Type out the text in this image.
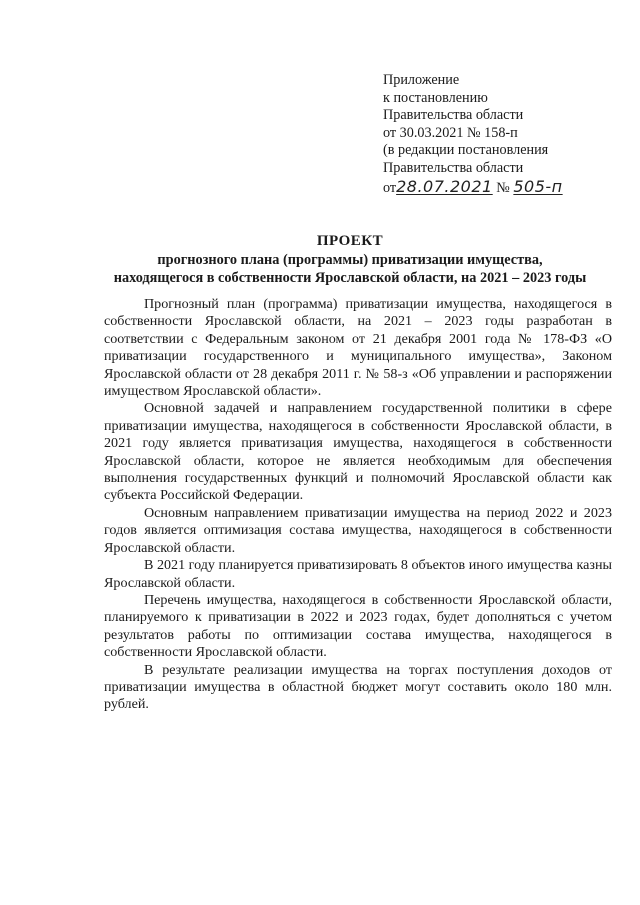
Приложение
к постановлению
Правительства области
от 30.03.2021 № 158-п
(в редакции постановления
Правительства области
от28.07.2021 № 505-п
ПРОЕКТ
прогнозного плана (программы) приватизации имущества,
находящегося в собственности Ярославской области, на 2021 – 2023 годы

Прогнозный план (программа) приватизации имущества, находящегося в собственности Ярославской области, на 2021 – 2023 годы разработан в соответствии с Федеральным законом от 21 декабря 2001 года № 178-ФЗ «О приватизации государственного и муниципального имущества», Законом Ярославской области от 28 декабря 2011 г. № 58-з «Об управлении и распоряжении имуществом Ярославской области».

Основной задачей и направлением государственной политики в сфере приватизации имущества, находящегося в собственности Ярославской области, в 2021 году является приватизация имущества, находящегося в собственности Ярославской области, которое не является необходимым для обеспечения выполнения государственных функций и полномочий Ярославской области как субъекта Российской Федерации.

Основным направлением приватизации имущества на период 2022 и 2023 годов является оптимизация состава имущества, находящегося в собственности Ярославской области.

В 2021 году планируется приватизировать 8 объектов иного имущества казны Ярославской области.

Перечень имущества, находящегося в собственности Ярославской области, планируемого к приватизации в 2022 и 2023 годах, будет дополняться с учетом результатов работы по оптимизации состава имущества, находящегося в собственности Ярославской области.

В результате реализации имущества на торгах поступления доходов от приватизации имущества в областной бюджет могут составить около 180 млн. рублей.
